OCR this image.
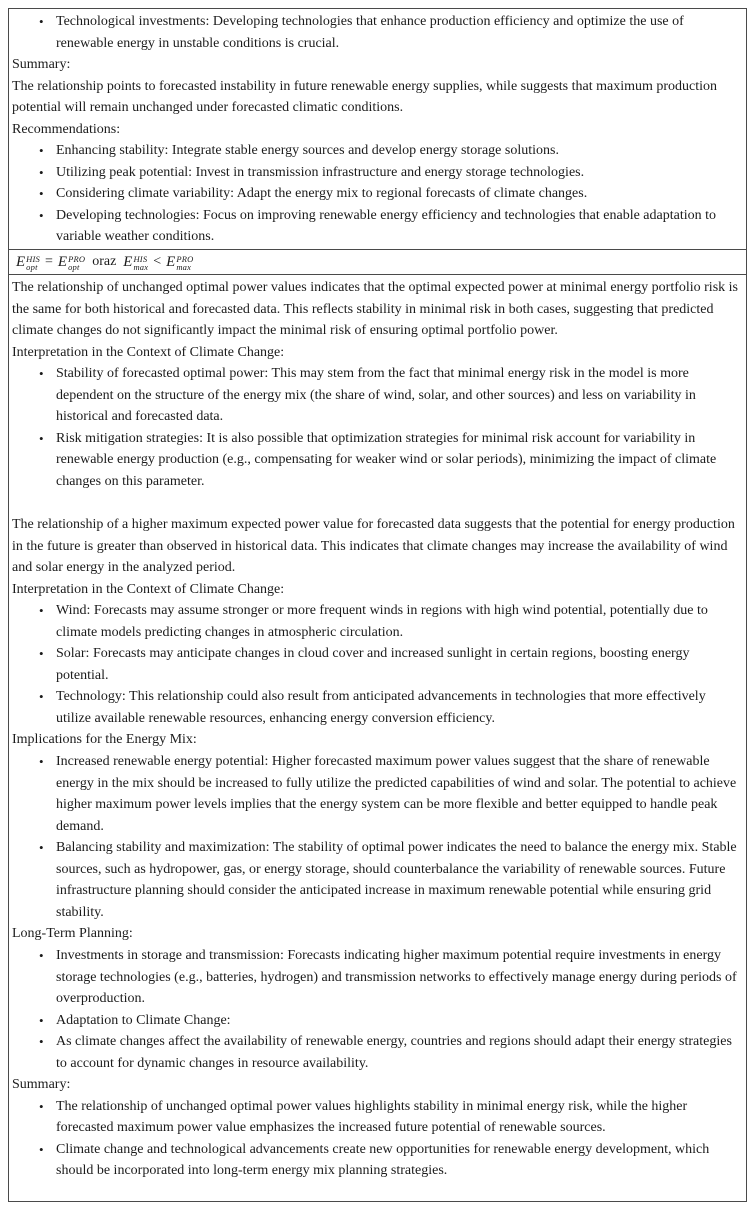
• Technological investments: Developing technologies that enhance production efficiency and optimize the use of renewable energy in unstable conditions is crucial.
Summary:
The relationship points to forecasted instability in future renewable energy supplies, while suggests that maximum production potential will remain unchanged under forecasted climatic conditions.
Recommendations:
• Enhancing stability: Integrate stable energy sources and develop energy storage solutions.
• Utilizing peak potential: Invest in transmission infrastructure and energy storage technologies.
• Considering climate variability: Adapt the energy mix to regional forecasts of climate changes.
• Developing technologies: Focus on improving renewable energy efficiency and technologies that enable adaptation to variable weather conditions.
E HIS
opt = E PRO
opt oraz E HIS
max < E PRO
max
The relationship of unchanged optimal power values indicates that the optimal expected power at minimal energy portfolio risk is the same for both historical and forecasted data. This reflects stability in minimal risk in both cases, suggesting that predicted climate changes do not significantly impact the minimal risk of ensuring optimal portfolio power.
Interpretation in the Context of Climate Change:
• Stability of forecasted optimal power: This may stem from the fact that minimal energy risk in the model is more dependent on the structure of the energy mix (the share of wind, solar, and other sources) and less on variability in historical and forecasted data.
• Risk mitigation strategies: It is also possible that optimization strategies for minimal risk account for variability in renewable energy production (e.g., compensating for weaker wind or solar periods), minimizing the impact of climate changes on this parameter.
The relationship of a higher maximum expected power value for forecasted data suggests that the potential for energy production in the future is greater than observed in historical data. This indicates that climate changes may increase the availability of wind and solar energy in the analyzed period.
Interpretation in the Context of Climate Change:
• Wind: Forecasts may assume stronger or more frequent winds in regions with high wind potential, potentially due to climate models predicting changes in atmospheric circulation.
• Solar: Forecasts may anticipate changes in cloud cover and increased sunlight in certain regions, boosting energy potential.
• Technology: This relationship could also result from anticipated advancements in technologies that more effectively utilize available renewable resources, enhancing energy conversion efficiency.
Implications for the Energy Mix:
• Increased renewable energy potential: Higher forecasted maximum power values suggest that the share of renewable energy in the mix should be increased to fully utilize the predicted capabilities of wind and solar. The potential to achieve higher maximum power levels implies that the energy system can be more flexible and better equipped to handle peak demand.
• Balancing stability and maximization: The stability of optimal power indicates the need to balance the energy mix. Stable sources, such as hydropower, gas, or energy storage, should counterbalance the variability of renewable sources. Future infrastructure planning should consider the anticipated increase in maximum renewable potential while ensuring grid stability.
Long-Term Planning:
• Investments in storage and transmission: Forecasts indicating higher maximum potential require investments in energy storage technologies (e.g., batteries, hydrogen) and transmission networks to effectively manage energy during periods of overproduction.
• Adaptation to Climate Change:
• As climate changes affect the availability of renewable energy, countries and regions should adapt their energy strategies to account for dynamic changes in resource availability.
Summary:
• The relationship of unchanged optimal power values highlights stability in minimal energy risk, while the higher forecasted maximum power value emphasizes the increased future potential of renewable sources.
• Climate change and technological advancements create new opportunities for renewable energy development, which should be incorporated into long-term energy mix planning strategies.
